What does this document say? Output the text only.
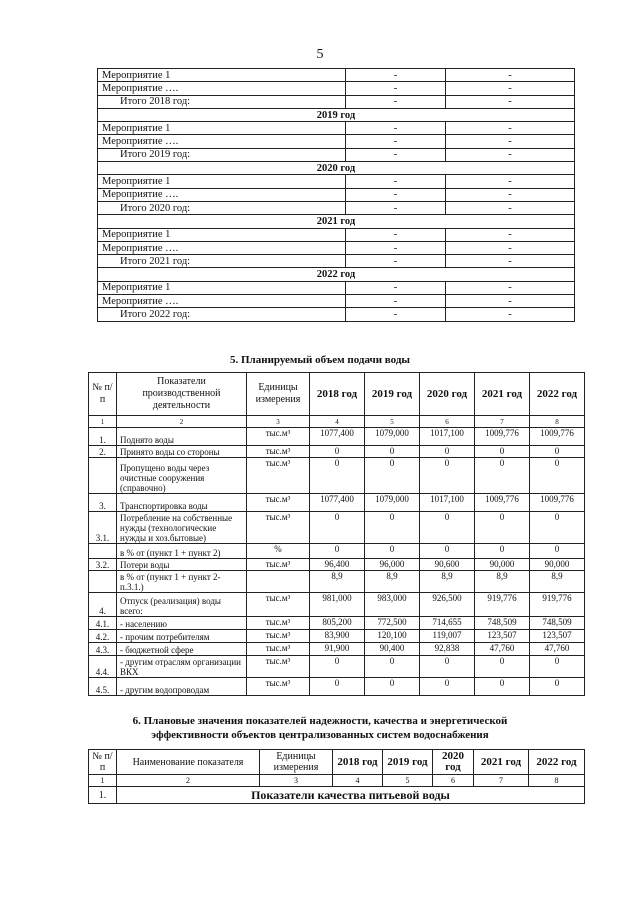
5
Мероприятие 1	-	-
Мероприятие ….	-	-
Итого 2018 год:	-	-
2019 год		
Мероприятие 1	-	-
Мероприятие ….	-	-
Итого 2019 год:	-	-
2020 год		
Мероприятие 1	-	-
Мероприятие ….	-	-
Итого 2020 год:	-	-
2021 год		
Мероприятие 1	-	-
Мероприятие ….	-	-
Итого 2021 год:	-	-
2022 год		
Мероприятие 1	-	-
Мероприятие ….	-	-
Итого 2022 год:	-	-
5. Планируемый объем подачи воды
№ п/п	Показатели производственной деятельности	Единицы измерения	2018 год	2019 год	2020 год	2021 год	2022 год
1	2	3	4	5	6	7	8
1.	Поднято воды	тыс.м³	1077,400	1079,000	1017,100	1009,776	1009,776
2.	Принято воды со стороны	тыс.м³	0	0	0	0	0
	Пропущено воды через очистные сооружения (справочно)	тыс.м³	0	0	0	0	0
3.	Транспортировка воды	тыс.м³	1077,400	1079,000	1017,100	1009,776	1009,776
3.1.	Потребление на собственные нужды (технологические нужды и хоз.бытовые)	тыс.м³	0	0	0	0	0
	в % от (пункт 1 + пункт 2)	%	0	0	0	0	0
3.2.	Потери воды	тыс.м³	96,400	96,000	90,600	90,000	90,000
	в % от (пункт 1 + пункт 2- п.3.1.)		8,9	8,9	8,9	8,9	8,9
4.	Отпуск (реализация) воды всего:	тыс.м³	981,000	983,000	926,500	919,776	919,776
4.1.	- населению	тыс.м³	805,200	772,500	714,655	748,509	748,509
4.2.	- прочим потребителям	тыс.м³	83,900	120,100	119,007	123,507	123,507
4.3.	- бюджетной сфере	тыс.м³	91,900	90,400	92,838	47,760	47,760
4.4.	- другим отраслям организации ВКХ	тыс.м³	0	0	0	0	0
4.5.	- другим водопроводам	тыс.м³	0	0	0	0	0
6. Плановые значения показателей надежности, качества и энергетической
эффективности объектов централизованных систем водоснабжения
№ п/п	Наименование показателя	Единицы измерения	2018 год	2019 год	2020 год	2021 год	2022 год
1	2	3	4	5	6	7	8
1.	Показатели качества питьевой воды						
